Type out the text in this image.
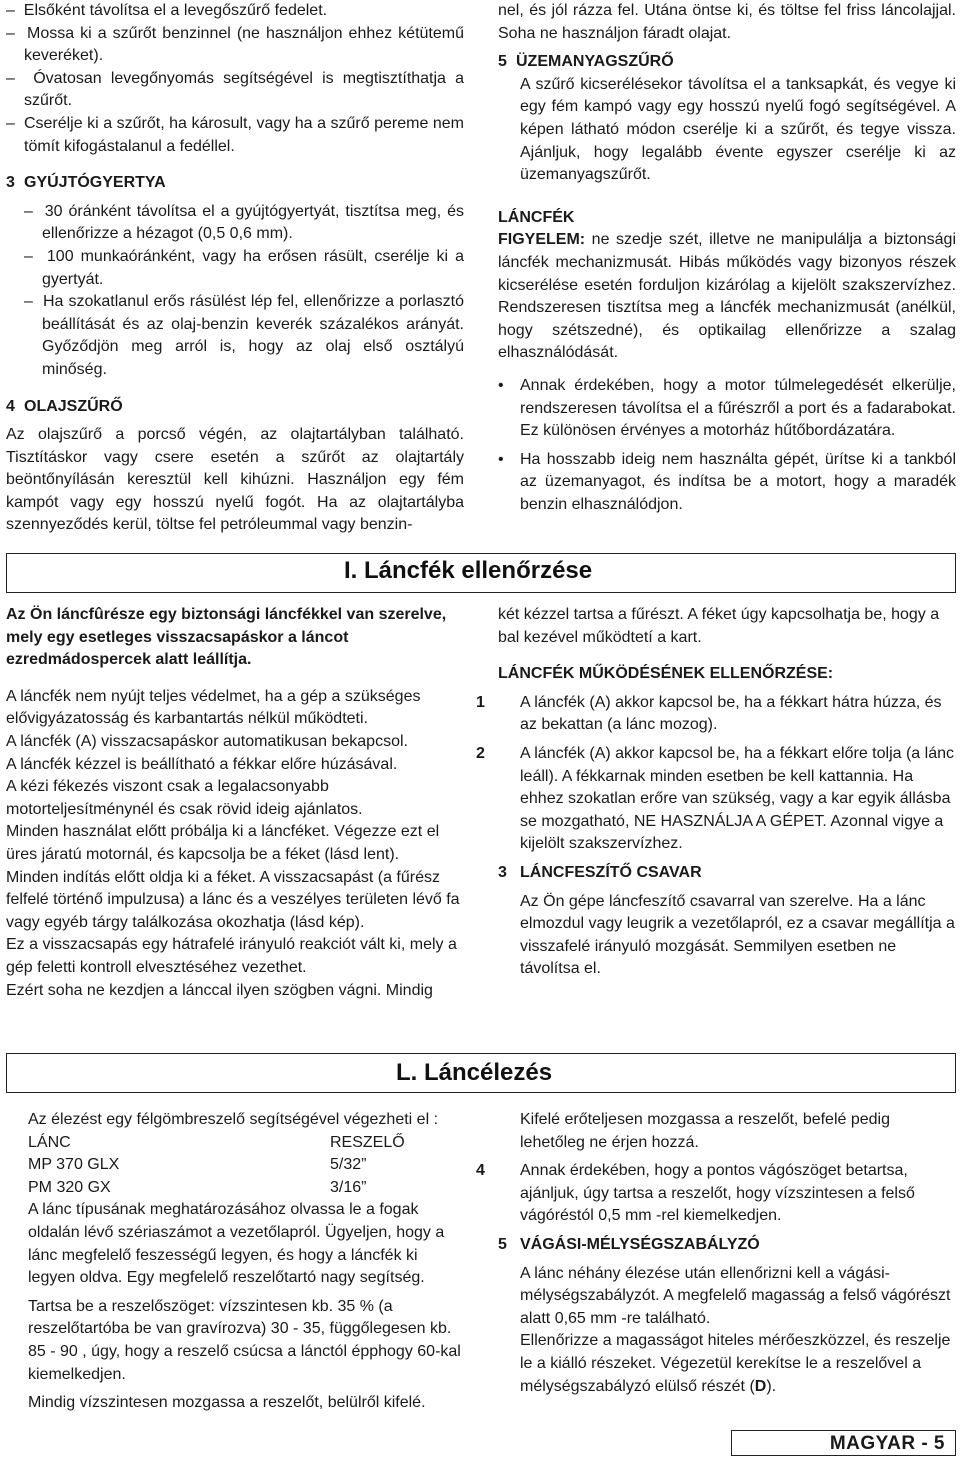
–  Elsőként távolítsa el a levegőszűrő fedelet.

–  Mossa ki a szűrőt benzinnel (ne használjon ehhez kétütemű keveréket).

–  Óvatosan levegőnyomás segítségével is megtisztíthatja a szűrőt.

–  Cserélje ki a szűrőt, ha károsult, vagy ha a szűrő pereme nem tömít kifogástalanul a fedéllel.

3 GYÚJTÓGYERTYA

–  30 óránként távolítsa el a gyújtógyertyát, tisztítsa meg, és ellenőrizze a hézagot (0,5 0,6 mm).

–  100 munkaóránként, vagy ha erősen rásült, cserélje ki a gyertyát.

–  Ha szokatlanul erős rásülést lép fel, ellenőrizze a porlasztó beállítását és az olaj-benzin keverék százalékos arányát. Győződjön meg arról is, hogy az olaj első osztályú minőség.

4 OLAJSZŰRŐ

Az olajszűrő a porcső végén, az olajtartályban található. Tisztításkor vagy csere esetén a szűrőt az olajtartály beöntőnyílásán keresztül kell kihúzni. Használjon egy fém kampót vagy egy hosszú nyelű fogót. Ha az olajtartályba szennyeződés kerül, töltse fel petróleummal vagy benzin-

nel, és jól rázza fel. Utána öntse ki, és töltse fel friss láncolajjal. Soha ne használjon fáradt olajat.

5 ÜZEMANYAGSZŰRŐ

A szűrő kicserélésekor távolítsa el a tanksapkát, és vegye ki egy fém kampó vagy egy hosszú nyelű fogó segítségével. A képen látható módon cserélje ki a szűrőt, és tegye vissza. Ajánljuk, hogy legalább évente egyszer cserélje ki az üzemanyagszűrőt.

LÁNCFÉK

FIGYELEM: ne szedje szét, illetve ne manipulálja a biztonsági láncfék mechanizmusát. Hibás működés vagy bizonyos részek kicserélése esetén forduljon kizárólag a kijelölt szakszervízhez. Rendszeresen tisztítsa meg a láncfék mechanizmusát (anélkül, hogy szétszedné), és optikailag ellenőrizze a szalag elhasználódását.

• Annak érdekében, hogy a motor túlmelegedését elkerülje, rendszeresen távolítsa el a fűrészről a port és a fadarabokat. Ez különösen érvényes a motorház hűtőbordázatára.

• Ha hosszabb ideig nem használta gépét, ürítse ki a tankból az üzemanyagot, és indítsa be a motort, hogy a maradék benzin elhasználódjon.

I. Láncfék ellenőrzése

Az Ön láncfûrésze egy biztonsági láncfékkel van szerelve, mely egy esetleges visszacsapáskor a láncot ezredmádospercek alatt leállítja.

A láncfék nem nyújt teljes védelmet, ha a gép a szükséges elővigyázatosság és karbantartás nélkül működteti.

A láncfék (A) visszacsapáskor automatikusan bekapcsol.

A láncfék kézzel is beállítható a fékkar előre húzásával.

A kézi fékezés viszont csak a legalacsonyabb motorteljesítménynél és csak rövid ideig ajánlatos.

Minden használat előtt próbálja ki a láncféket. Végezze ezt el üres járatú motornál, és kapcsolja be a féket (lásd lent).

Minden indítás előtt oldja ki a féket. A visszacsapást (a fűrész felfelé történő impulzusa) a lánc és a veszélyes területen lévő fa vagy egyéb tárgy találkozása okozhatja (lásd kép).

Ez a visszacsapás egy hátrafelé irányuló reakciót vált ki, mely a gép feletti kontroll elvesztéséhez vezethet.

Ezért soha ne kezdjen a lánccal ilyen szögben vágni. Mindig

két kézzel tartsa a fűrészt. A féket úgy kapcsolhatja be, hogy a bal kezével működtetí a kart.

LÁNCFÉK MŰKÖDÉSÉNEK ELLENŐRZÉSE:

1 A láncfék (A) akkor kapcsol be, ha a fékkart hátra húzza, és az bekattan (a lánc mozog).

2 A láncfék (A) akkor kapcsol be, ha a fékkart előre tolja (a lánc leáll). A fékkarnak minden esetben be kell kattannia. Ha ehhez szokatlan erőre van szükség, vagy a kar egyik állásba se mozgatható, NE HASZNÁLJA A GÉPET. Azonnal vigye a kijelölt szakszervízhez.

3 LÁNCFESZÍTŐ CSAVAR

Az Ön gépe láncfeszítő csavarral van szerelve. Ha a lánc elmozdul vagy leugrik a vezetőlapról, ez a csavar megállítja a visszafelé irányuló mozgását. Semmilyen esetben ne távolítsa el.

L. Láncélezés

Az élezést egy félgömbreszelő segítségével végezheti el :

LÁNC	RESZELŐ
MP 370 GLX	5/32”
PM 320 GX	3/16”

A lánc típusának meghatározásához olvassa le a fogak oldalán lévő szériaszámot a vezetőlapról. Ügyeljen, hogy a lánc megfelelő feszességű legyen, és hogy a láncfék ki legyen oldva. Egy megfelelő reszelőtartó nagy segítség.

Tartsa be a reszelőszöget: vízszintesen kb. 35 % (a reszelőtartóba be van gravírozva) 30 - 35, függőlegesen kb. 85 - 90 , úgy, hogy a reszelő csúcsa a lánctól épphogy 60-kal kiemelkedjen.

Mindig vízszintesen mozgassa a reszelőt, belülről kifelé.

Kifelé erőteljesen mozgassa a reszelőt, befelé pedig lehetőleg ne érjen hozzá.

4 Annak érdekében, hogy a pontos vágószöget betartsa, ajánljuk, úgy tartsa a reszelőt, hogy vízszintesen a felső vágóréstól 0,5 mm -rel kiemelkedjen.

5 VÁGÁSI-MÉLYSÉGSZABÁLYZÓ

A lánc néhány élezése után ellenőrizni kell a vágási-mélységszabályzót. A megfelelő magasság a felső vágórészt alatt 0,65 mm -re található.

Ellenőrizze a magasságot hiteles mérőeszközzel, és reszelje le a kiálló részeket. Végezetül kerekítse le a reszelővel a mélységszabályzó elülső részét (D).

MAGYAR - 5
